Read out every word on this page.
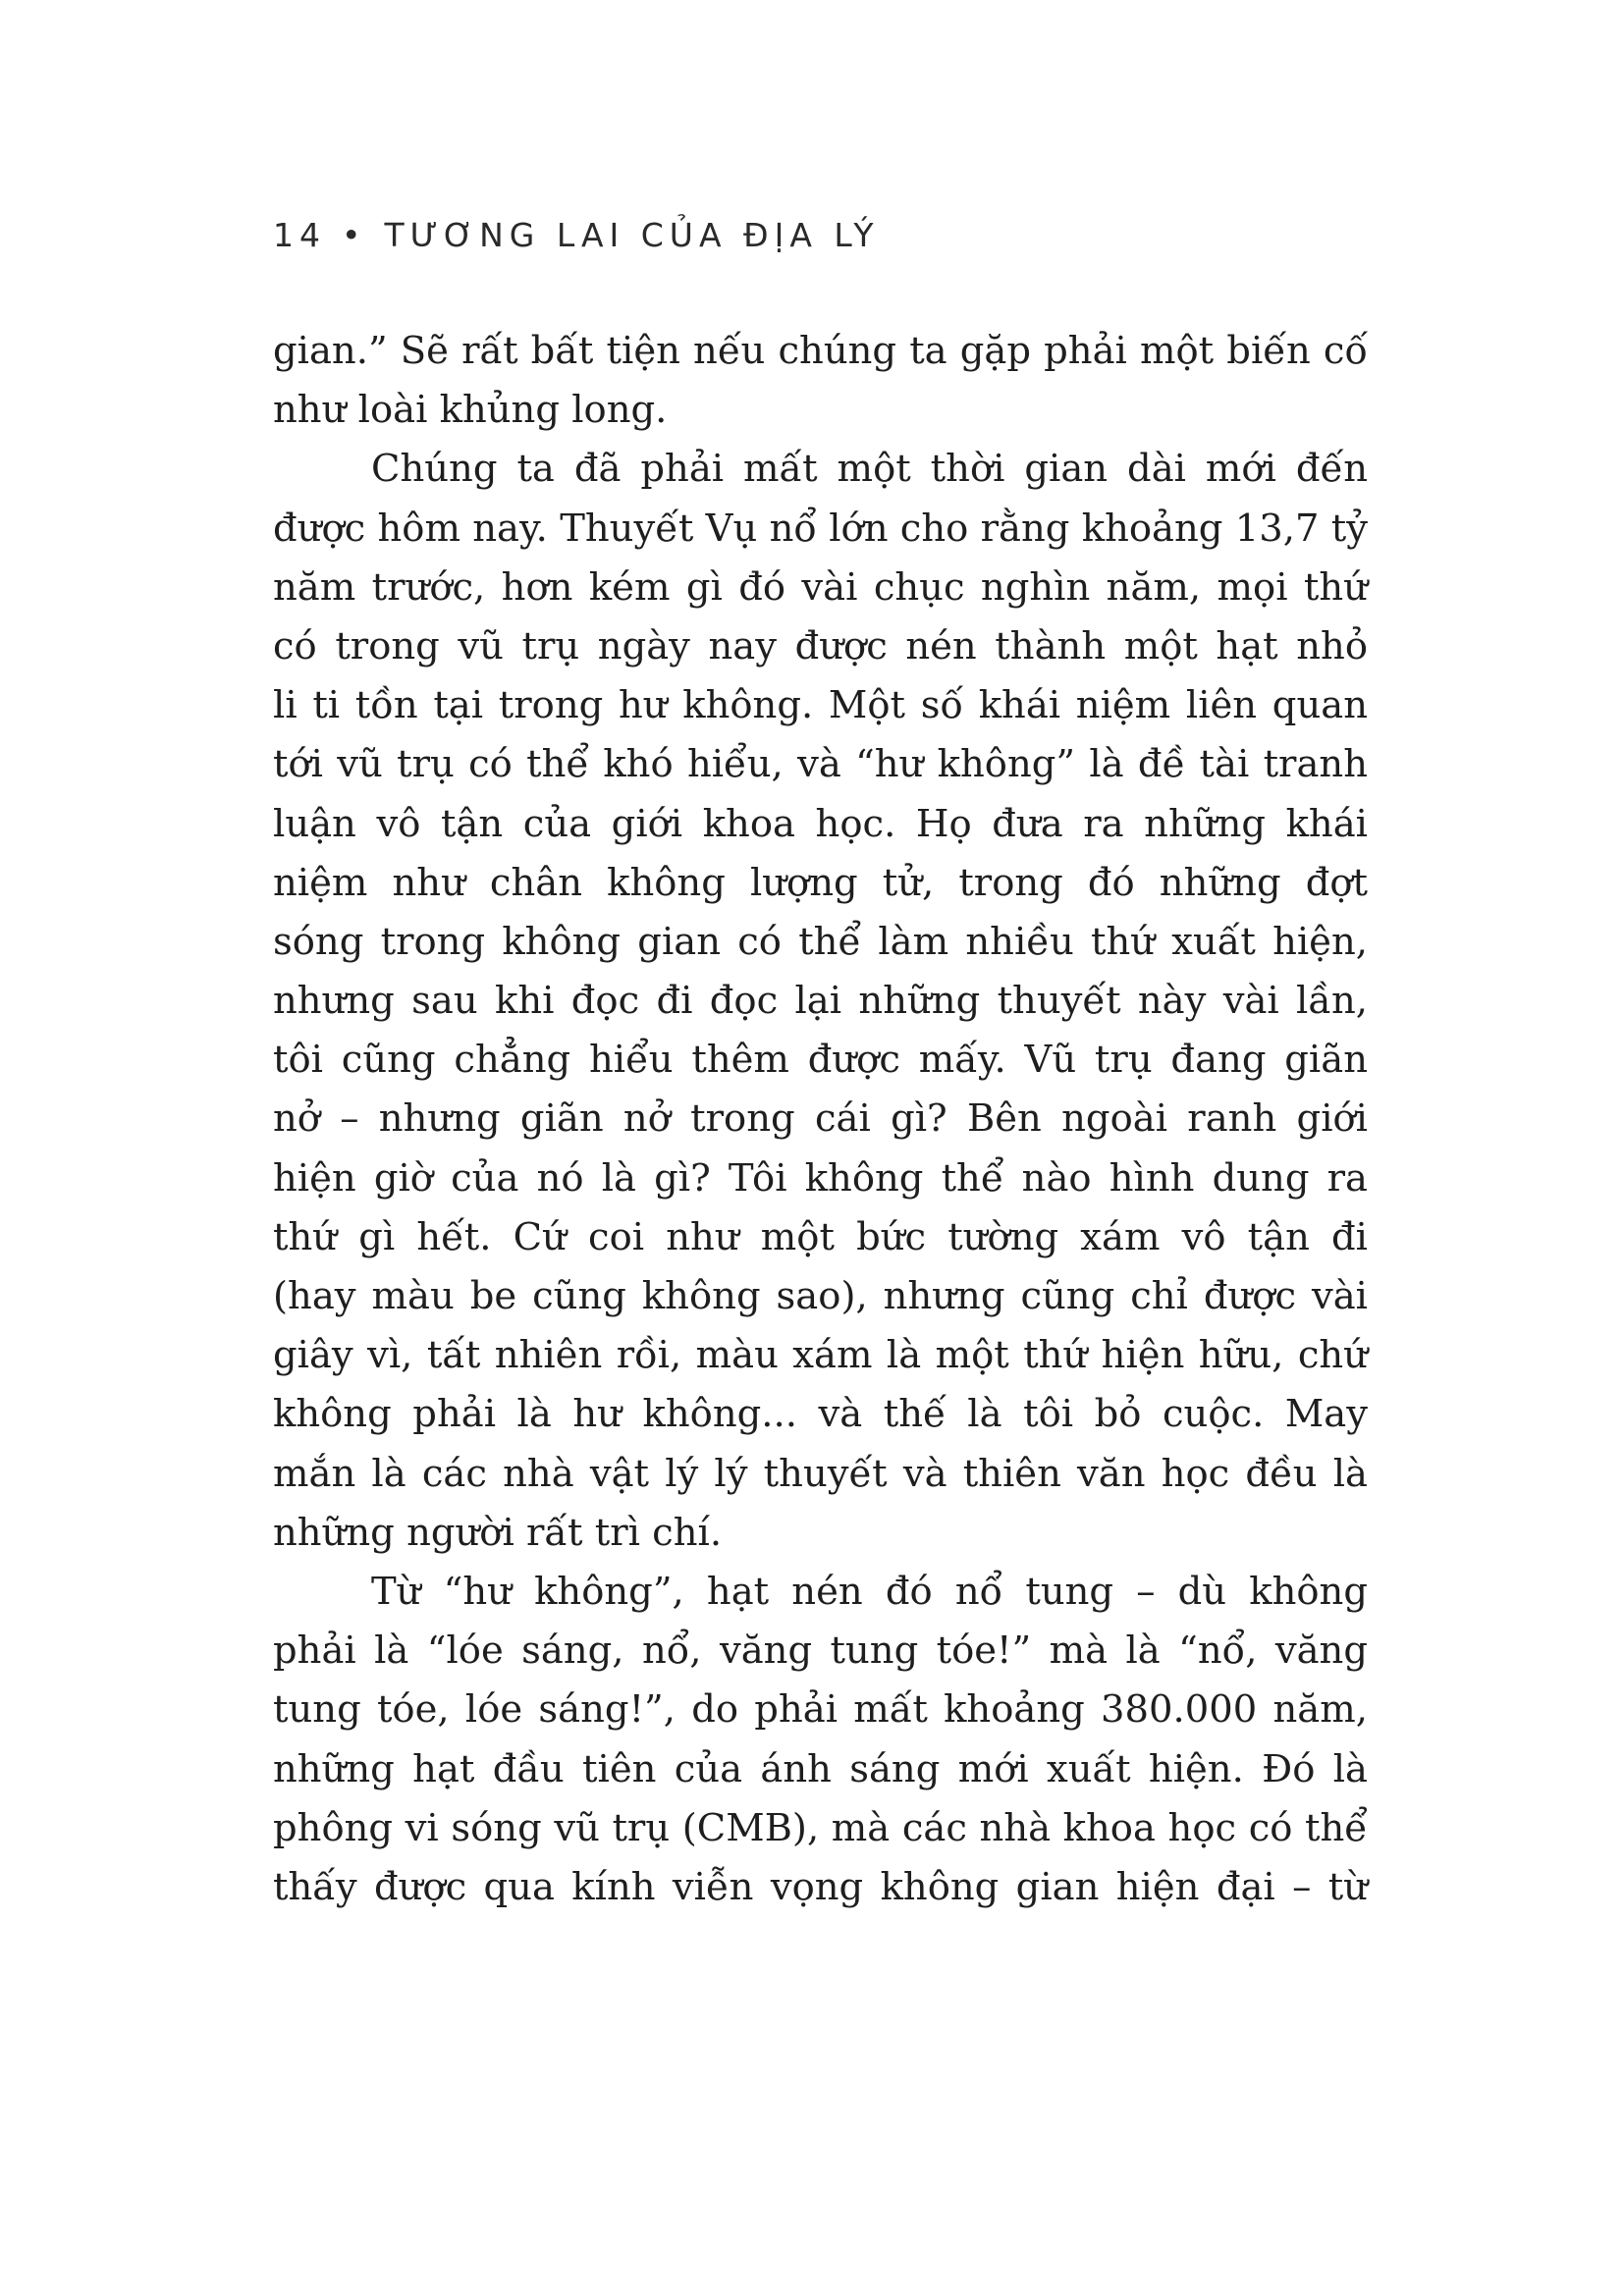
14 • TƯƠNG LAI CỦA ĐỊA LÝ
gian.” Sẽ rất bất tiện nếu chúng ta gặp phải một biến cố
như loài khủng long.
Chúng ta đã phải mất một thời gian dài mới đến
được hôm nay. Thuyết Vụ nổ lớn cho rằng khoảng 13,7 tỷ
năm trước, hơn kém gì đó vài chục nghìn năm, mọi thứ
có trong vũ trụ ngày nay được nén thành một hạt nhỏ
li ti tồn tại trong hư không. Một số khái niệm liên quan
tới vũ trụ có thể khó hiểu, và “hư không” là đề tài tranh
luận vô tận của giới khoa học. Họ đưa ra những khái
niệm như chân không lượng tử, trong đó những đợt
sóng trong không gian có thể làm nhiều thứ xuất hiện,
nhưng sau khi đọc đi đọc lại những thuyết này vài lần,
tôi cũng chẳng hiểu thêm được mấy. Vũ trụ đang giãn
nở – nhưng giãn nở trong cái gì? Bên ngoài ranh giới
hiện giờ của nó là gì? Tôi không thể nào hình dung ra
thứ gì hết. Cứ coi như một bức tường xám vô tận đi
(hay màu be cũng không sao), nhưng cũng chỉ được vài
giây vì, tất nhiên rồi, màu xám là một thứ hiện hữu, chứ
không phải là hư không... và thế là tôi bỏ cuộc. May
mắn là các nhà vật lý lý thuyết và thiên văn học đều là
những người rất trì chí.
Từ “hư không”, hạt nén đó nổ tung – dù không
phải là “lóe sáng, nổ, văng tung tóe!” mà là “nổ, văng
tung tóe, lóe sáng!”, do phải mất khoảng 380.000 năm,
những hạt đầu tiên của ánh sáng mới xuất hiện. Đó là
phông vi sóng vũ trụ (CMB), mà các nhà khoa học có thể
thấy được qua kính viễn vọng không gian hiện đại – từ
